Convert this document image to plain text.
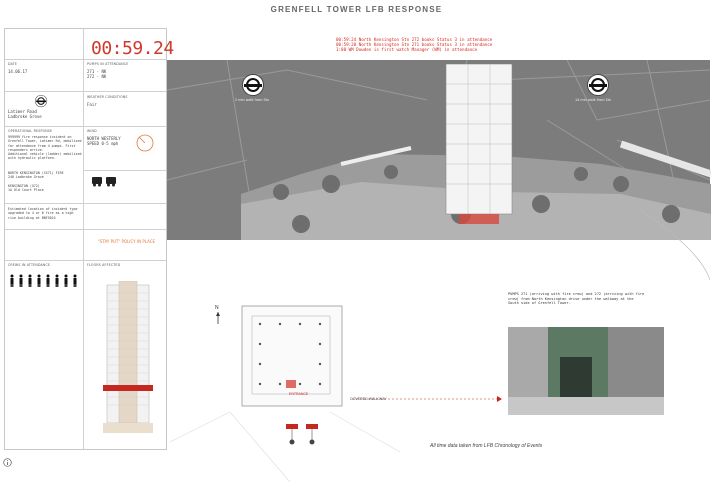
GRENFELL TOWER LFB RESPONSE
00:59.24
DATE
14.06.17
PUMPS IN ATTENDANCE
271 - NK
272 - NK
Latimer Road
Ladbroke Grove
WEATHER CONDITIONS
Fair
OPERATIONAL RESPONSE
999999 fire response incident on
Grenfell Tower, Latimer Rd, mobilised
for attendance from 4 pumps. First
responders arrive.
Additional vehicle (ladder) mobilised
with hydraulic platform.
WIND
NORTH WESTERLY
SPEED 0-5 mph
NORTH KENSINGTON (SS71) FIRE
240 Ladbroke Grove

KENSINGTON (G72)
1A Old Court Place
Estimated location of incident type
upgraded to 4 or 6 fire as a high
rise building at BNF5024
"STAY PUT" POLICY IN PLACE
CREWS IN ATTENDANCE	FLOORS AFFECTED
00:59:24 North Kensington Stn 272 books Status 3 in attendance
00:59:20 North Kensington Stn 271 books Status 3 in attendance
1:00 WM Dowden is first watch Manager (WM) in attendance
2 min walk from Stn	14 min walk from Stn
PUMPS 271 (arriving with fire crew) and 272 (arriving with fire
crew) from North Kensington drive under the walkway at the
South side of Grenfell Tower.
N
ENTRANCE
COVERED WALKWAY
All time data taken from LFB Chronology of Events
